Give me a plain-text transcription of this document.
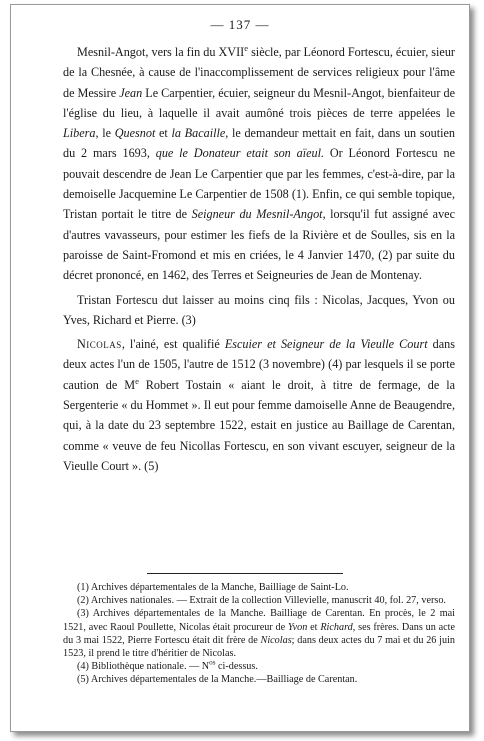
— 137 —

Mesnil-Angot, vers la fin du XVIIe siècle, par Léonord Fortescu, écuier, sieur de la Chesnée, à cause de l'inaccomplissement de services religieux pour l'âme de Messire Jean Le Carpentier, écuier, seigneur du Mesnil-Angot, bienfaiteur de l'église du lieu, à laquelle il avait aumôné trois pièces de terre appelées le Libera, le Quesnot et la Bacaille, le demandeur mettait en fait, dans un soutien du 2 mars 1693, que le Donateur etait son aïeul. Or Léonord Fortescu ne pouvait descendre de Jean Le Carpentier que par les femmes, c'est-à-dire, par la demoiselle Jacquemine Le Carpentier de 1508 (1). Enfin, ce qui semble topique, Tristan portait le titre de Seigneur du Mesnil-Angot, lorsqu'il fut assigné avec d'autres vavasseurs, pour estimer les fiefs de la Rivière et de Soulles, sis en la paroisse de Saint-Fromond et mis en criées, le 4 Janvier 1470, (2) par suite du décret prononcé, en 1462, des Terres et Seigneuries de Jean de Montenay.

Tristan Fortescu dut laisser au moins cinq fils : Nicolas, Jacques, Yvon ou Yves, Richard et Pierre. (3)

Nicolas, l'ainé, est qualifié Escuier et Seigneur de la Vieulle Court dans deux actes l'un de 1505, l'autre de 1512 (3 novembre) (4) par lesquels il se porte caution de Me Robert Tostain « aiant le droit, à titre de fermage, de la Sergenterie « du Hommet ». Il eut pour femme damoiselle Anne de Beaugendre, qui, à la date du 23 septembre 1522, estait en justice au Baillage de Carentan, comme « veuve de feu Nicollas Fortescu, en son vivant escuyer, seigneur de la Vieulle Court ». (5)

(1) Archives départementales de la Manche, Bailliage de Saint-Lo.

(2) Archives nationales. — Extrait de la collection Villevielle, manuscrit 40, fol. 27, verso.

(3) Archives départementales de la Manche. Bailliage de Carentan. En procès, le 2 mai 1521, avec Raoul Poullette, Nicolas était procureur de Yvon et Richard, ses frères. Dans un acte du 3 mai 1522, Pierre Fortescu était dit frère de Nicolas; dans deux actes du 7 mai et du 26 juin 1523, il prend le titre d'héritier de Nicolas.

(4) Bibliothèque nationale. — $N^{os}$ ci-dessus.

(5) Archives départementales de la Manche.—Bailliage de Carentan.
